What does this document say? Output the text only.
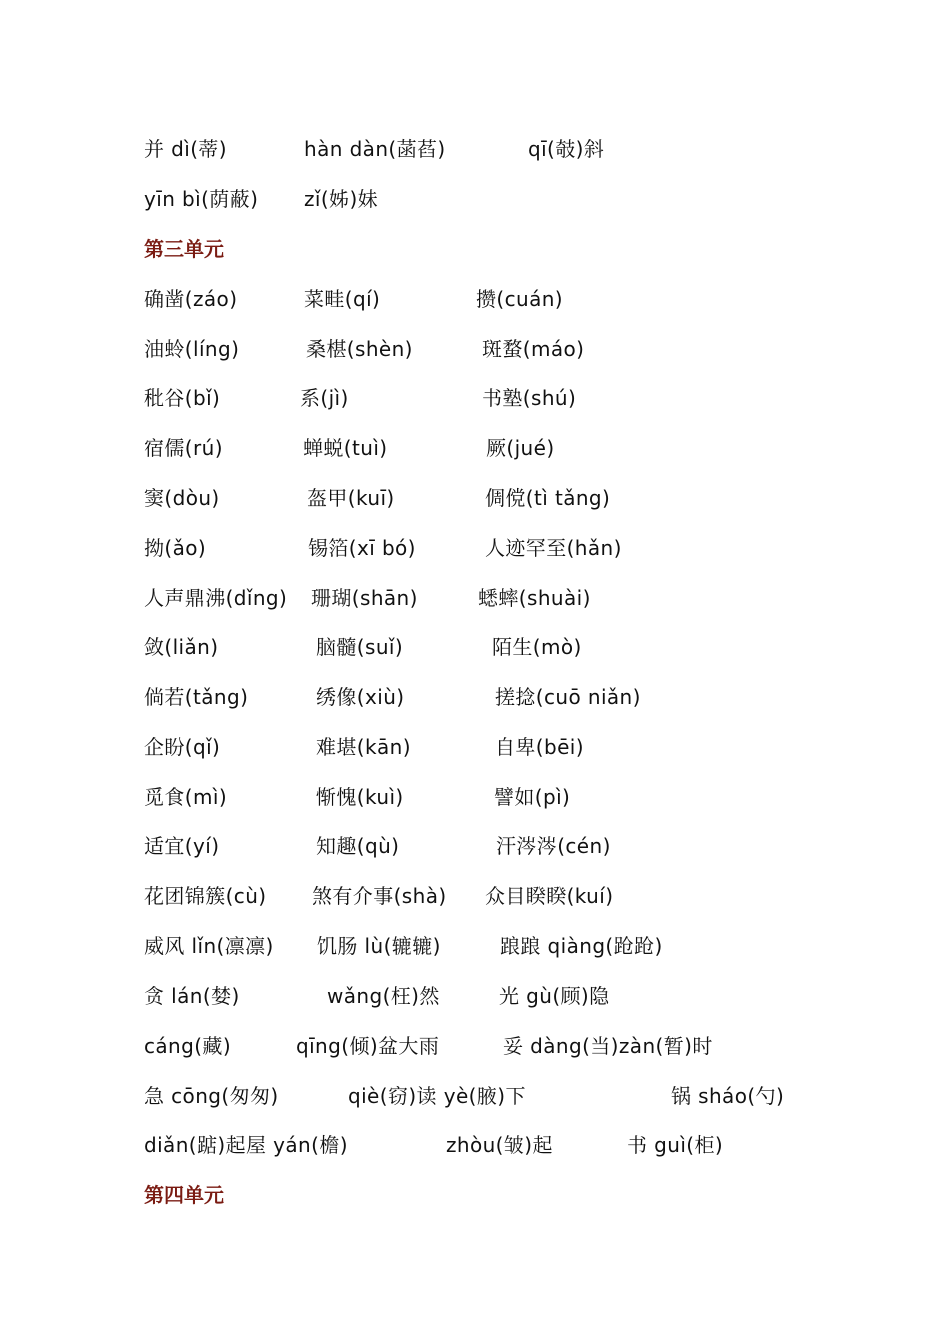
并 dì(蒂)	hàn dàn(菡萏)	qī(攲)斜
yīn bì(荫蔽) zǐ(姊)妹
第三单元
确凿(záo)	菜畦(qí)	攒(cuán)
油蛉(líng)	桑椹(shèn)	斑蝥(máo)
秕谷(bǐ)	系(jì)	书塾(shú)
宿儒(rú)	蝉蜕(tuì)	厥(jué)
窦(dòu)	盔甲(kuī)	倜傥(tì tǎng)
拗(ǎo)	锡箔(xī bó)	人迹罕至(hǎn)
人声鼎沸(dǐng) 珊瑚(shān)	蟋蟀(shuài)
敛(liǎn)	脑髓(suǐ)	陌生(mò)
倘若(tǎng)	绣像(xiù)	搓捻(cuō niǎn)
企盼(qǐ)	难堪(kān)	自卑(bēi)
觅食(mì)	惭愧(kuì)	譬如(pì)
适宜(yí)	知趣(qù)	汗涔涔(cén)
花团锦簇(cù) 煞有介事(shà) 众目睽睽(kuí)
威风 lǐn(凛凛) 饥肠 lù(辘辘)	踉踉 qiàng(跄跄)
贪 lán(婪)	wǎng(枉)然	光 gù(顾)隐
cáng(藏)	qīng(倾)盆大雨	妥 dàng(当)zàn(暂)时
急 cōng(匆匆)	qiè(窃)读 yè(腋)下	锅 sháo(勺)
diǎn(踮)起屋 yán(檐)	zhòu(皱)起	书 guì(柜)
第四单元
